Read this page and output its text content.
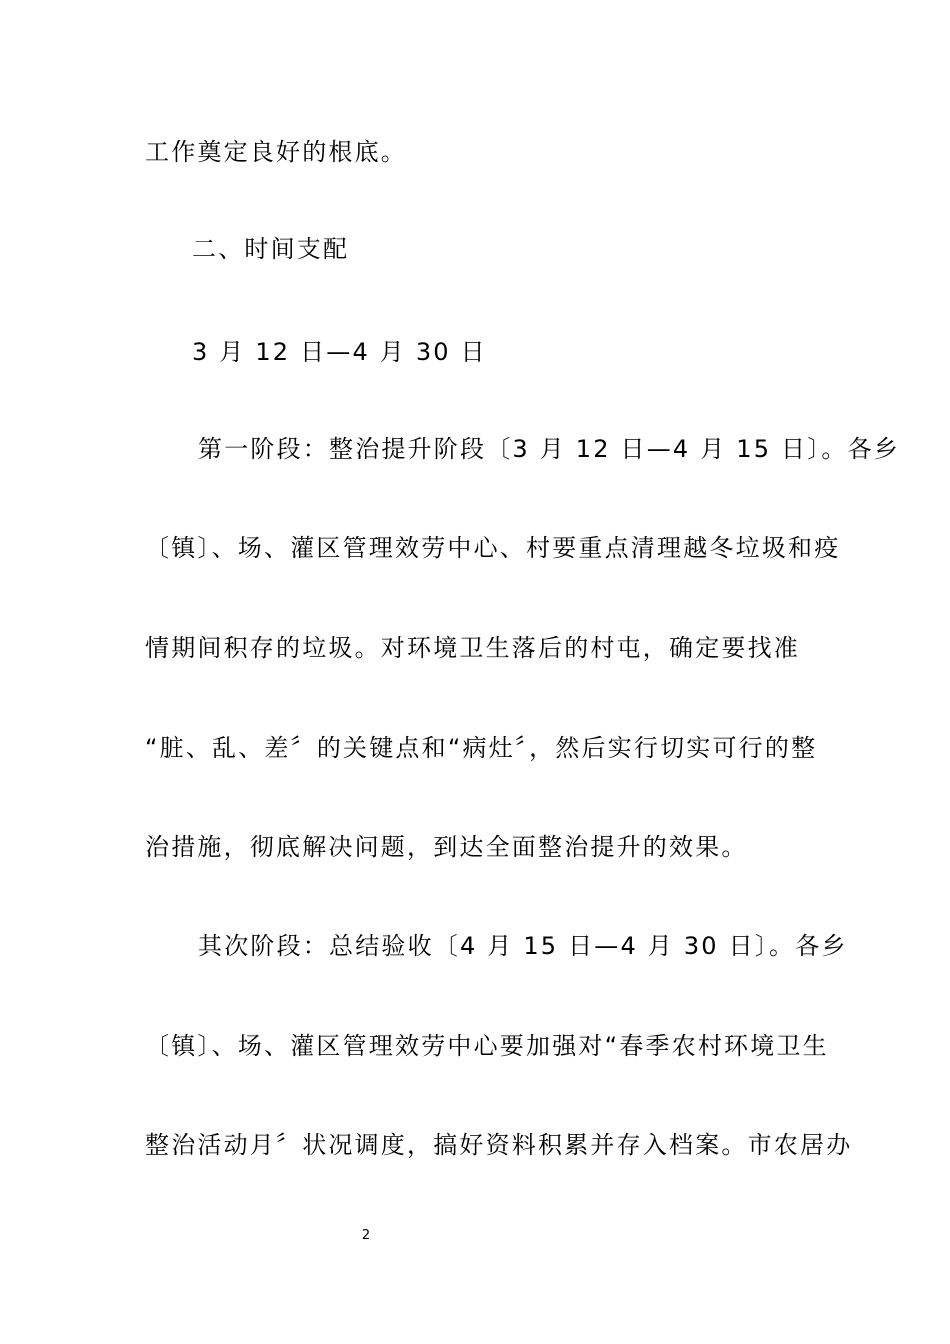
工作奠定良好的根底。
二、时间支配
3 月 12 日—4 月 30 日
第一阶段：整治提升阶段〔3 月 12 日—4 月 15 日〕。各乡
〔镇〕、场、灌区管理效劳中心、村要重点清理越冬垃圾和疫
情期间积存的垃圾。对环境卫生落后的村屯，确定要找准
“脏、乱、差〞的关键点和“病灶〞，然后实行切实可行的整
治措施，彻底解决问题，到达全面整治提升的效果。
其次阶段：总结验收〔4 月 15 日—4 月 30 日〕。各乡
〔镇〕、场、灌区管理效劳中心要加强对“春季农村环境卫生
整治活动月〞状况调度，搞好资料积累并存入档案。市农居办
2
